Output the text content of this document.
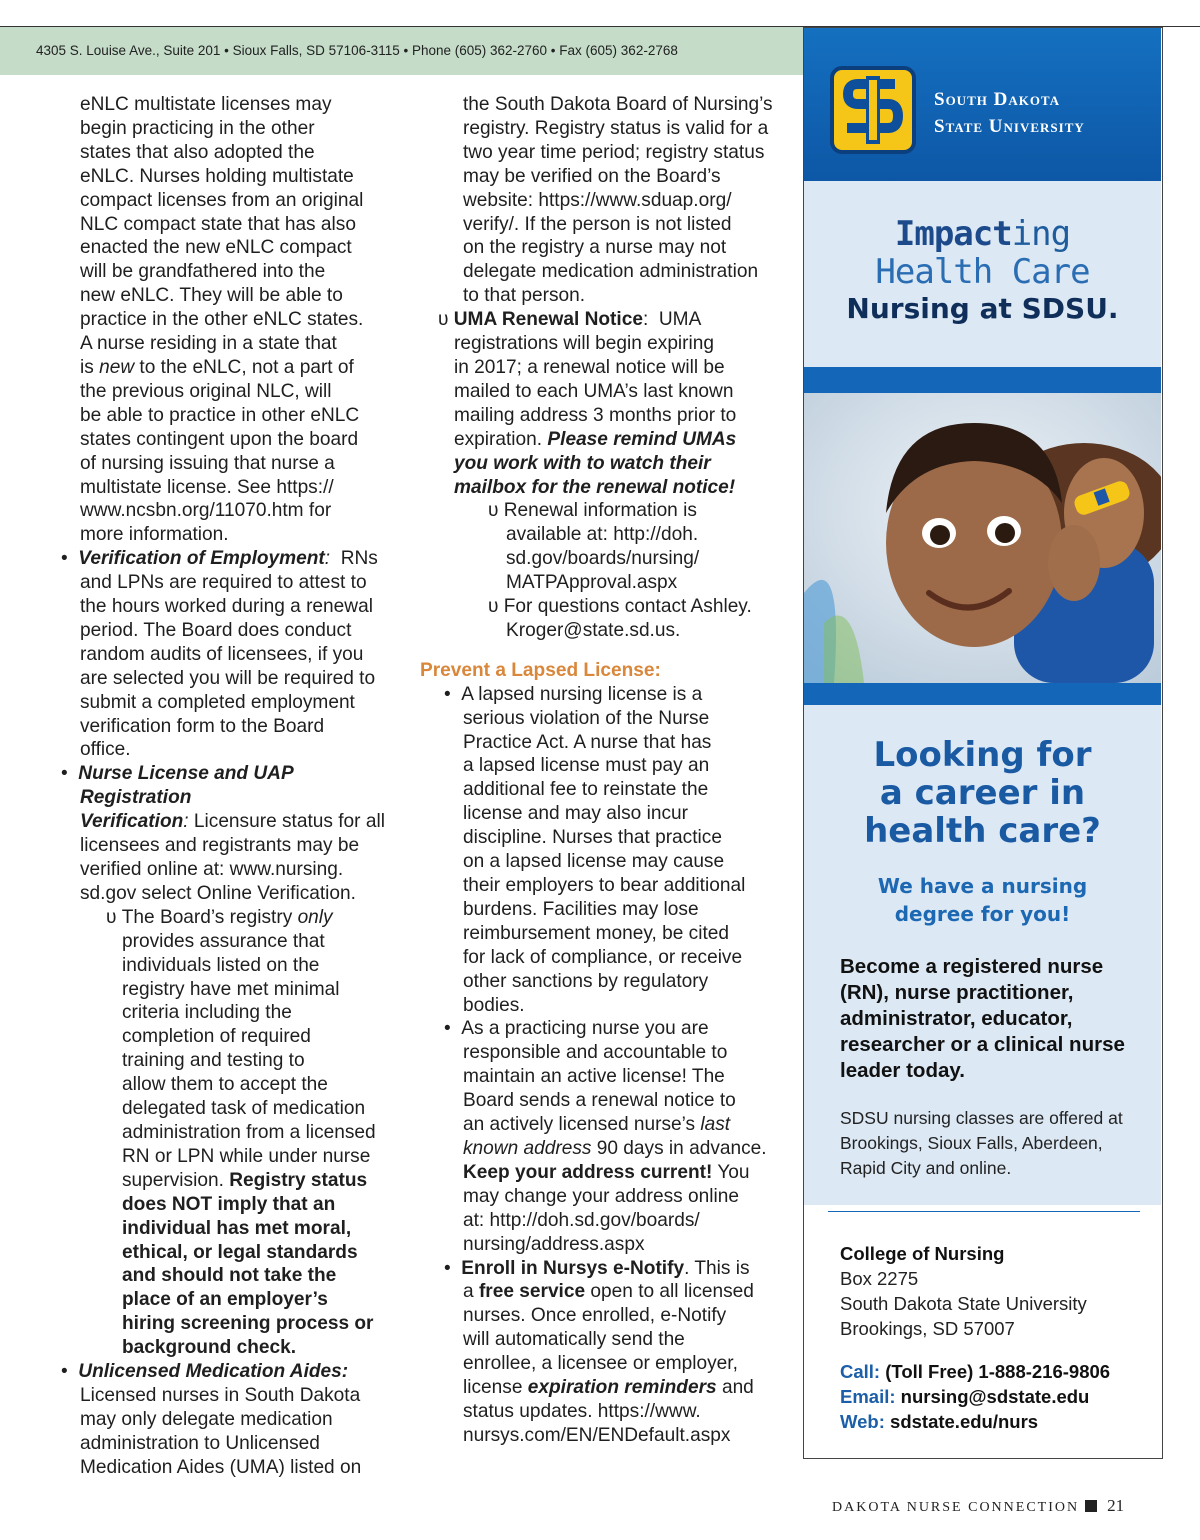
4305 S. Louise Ave., Suite 201 • Sioux Falls, SD 57106-3115 • Phone (605) 362-2760 • Fax (605) 362-2768
eNLC multistate licenses may
begin practicing in the other
states that also adopted the
eNLC. Nurses holding multistate
compact licenses from an original
NLC compact state that has also
enacted the new eNLC compact
will be grandfathered into the
new eNLC. They will be able to
practice in the other eNLC states.
A nurse residing in a state that
is new to the eNLC, not a part of
the previous original NLC, will
be able to practice in other eNLC
states contingent upon the board
of nursing issuing that nurse a
multistate license. See https://
www.ncsbn.org/11070.htm for
more information.
•  Verification of Employment: RNs
and LPNs are required to attest to
the hours worked during a renewal
period. The Board does conduct
random audits of licensees, if you
are selected you will be required to
submit a completed employment
verification form to the Board
office.
•  Nurse License and UAP Registration
Verification: Licensure status for all
licensees and registrants may be
verified online at: www.nursing.
sd.gov select Online Verification.
υ The Board’s registry only
provides assurance that
individuals listed on the
registry have met minimal
criteria including the
completion of required
training and testing to
allow them to accept the
delegated task of medication
administration from a licensed
RN or LPN while under nurse
supervision. Registry status
does NOT imply that an
individual has met moral,
ethical, or legal standards
and should not take the
place of an employer’s
hiring screening process or
background check.
•  Unlicensed Medication Aides:
Licensed nurses in South Dakota
may only delegate medication
administration to Unlicensed
Medication Aides (UMA) listed on
the South Dakota Board of Nursing’s
registry. Registry status is valid for a
two year time period; registry status
may be verified on the Board’s
website: https://www.sduap.org/
verify/. If the person is not listed
on the registry a nurse may not
delegate medication administration
to that person.
υ UMA Renewal Notice:  UMA
registrations will begin expiring
in 2017; a renewal notice will be
mailed to each UMA’s last known
mailing address 3 months prior to
expiration. Please remind UMAs
you work with to watch their
mailbox for the renewal notice!
υ Renewal information is
available at: http://doh.
sd.gov/boards/nursing/
MATPApproval.aspx
υ For questions contact Ashley.
Kroger@state.sd.us.
Prevent a Lapsed License:
•  A lapsed nursing license is a
serious violation of the Nurse
Practice Act. A nurse that has
a lapsed license must pay an
additional fee to reinstate the
license and may also incur
discipline. Nurses that practice
on a lapsed license may cause
their employers to bear additional
burdens. Facilities may lose
reimbursement money, be cited
for lack of compliance, or receive
other sanctions by regulatory
bodies.
•  As a practicing nurse you are
responsible and accountable to
maintain an active license! The
Board sends a renewal notice to
an actively licensed nurse’s last
known address 90 days in advance.
Keep your address current! You
may change your address online
at: http://doh.sd.gov/boards/
nursing/address.aspx
•  Enroll in Nursys e-Notify. This is
a free service open to all licensed
nurses. Once enrolled, e-Notify
will automatically send the
enrollee, a licensee or employer,
license expiration reminders and
status updates. https://www.
nursys.com/EN/ENDefault.aspx
South Dakota
State University
Impacting
Health Care
Nursing at SDSU.
Looking for
a career in
health care?
We have a nursing
degree for you!
Become a registered nurse (RN), nurse practitioner, administrator, educator, researcher or a clinical nurse leader today.
SDSU nursing classes are offered at Brookings, Sioux Falls, Aberdeen, Rapid City and online.
College of Nursing
Box 2275
South Dakota State University
Brookings, SD 57007
Call: (Toll Free) 1-888-216-9806
Email: nursing@sdstate.edu
Web: sdstate.edu/nurs
DAKOTA NURSE CONNECTION 21
